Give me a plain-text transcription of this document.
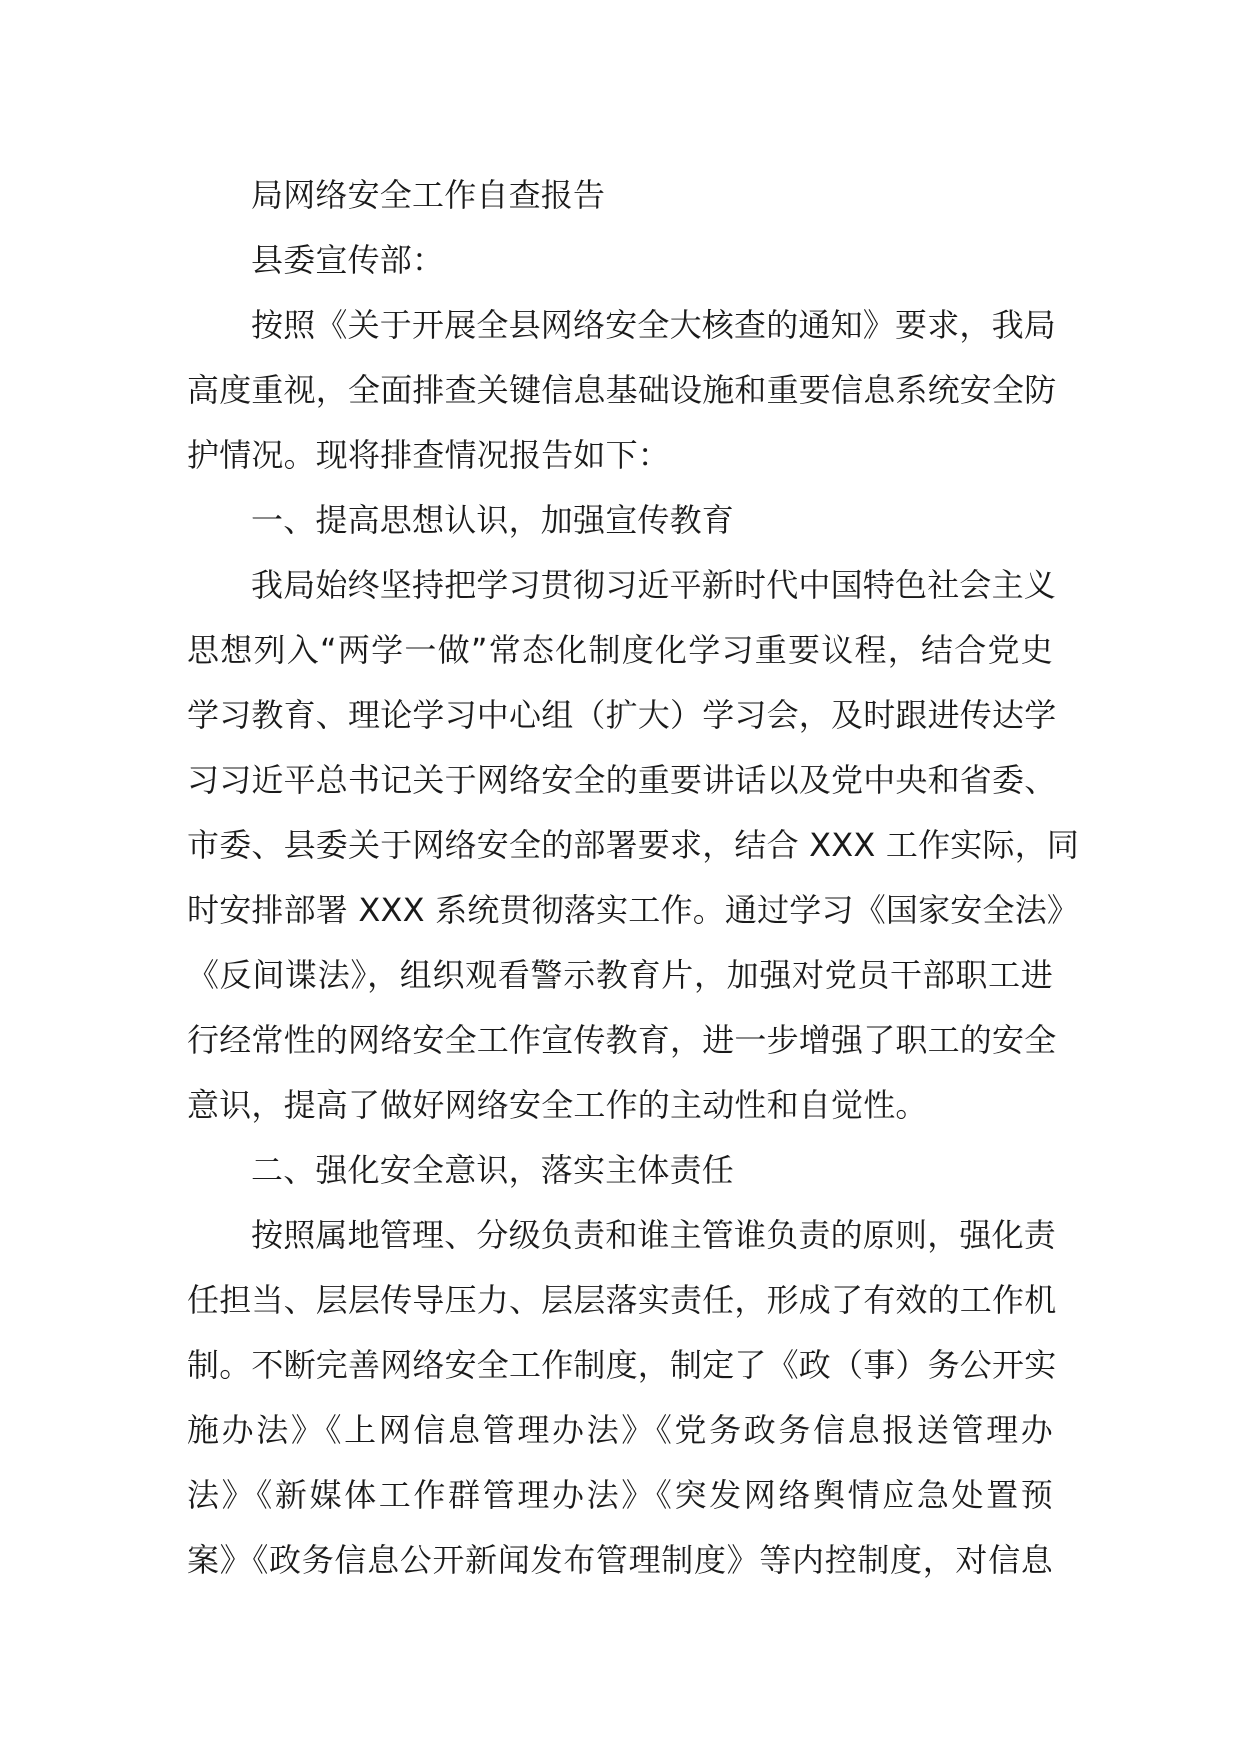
局网络安全工作自查报告
县委宣传部：
按照《关于开展全县网络安全大核查的通知》要求，我局
高度重视，全面排查关键信息基础设施和重要信息系统安全防
护情况。现将排查情况报告如下：
一、提高思想认识，加强宣传教育
我局始终坚持把学习贯彻习近平新时代中国特色社会主义
思想列入“两学一做”常态化制度化学习重要议程，结合党史
学习教育、理论学习中心组（扩大）学习会，及时跟进传达学
习习近平总书记关于网络安全的重要讲话以及党中央和省委、
市委、县委关于网络安全的部署要求，结合 XXX 工作实际，同
时安排部署 XXX 系统贯彻落实工作。通过学习《国家安全法》
《反间谍法》，组织观看警示教育片，加强对党员干部职工进
行经常性的网络安全工作宣传教育，进一步增强了职工的安全
意识，提高了做好网络安全工作的主动性和自觉性。
二、强化安全意识，落实主体责任
按照属地管理、分级负责和谁主管谁负责的原则，强化责
任担当、层层传导压力、层层落实责任，形成了有效的工作机
制。不断完善网络安全工作制度，制定了《政（事）务公开实
施办法》《上网信息管理办法》《党务政务信息报送管理办
法》《新媒体工作群管理办法》《突发网络舆情应急处置预
案》《政务信息公开新闻发布管理制度》等内控制度，对信息
